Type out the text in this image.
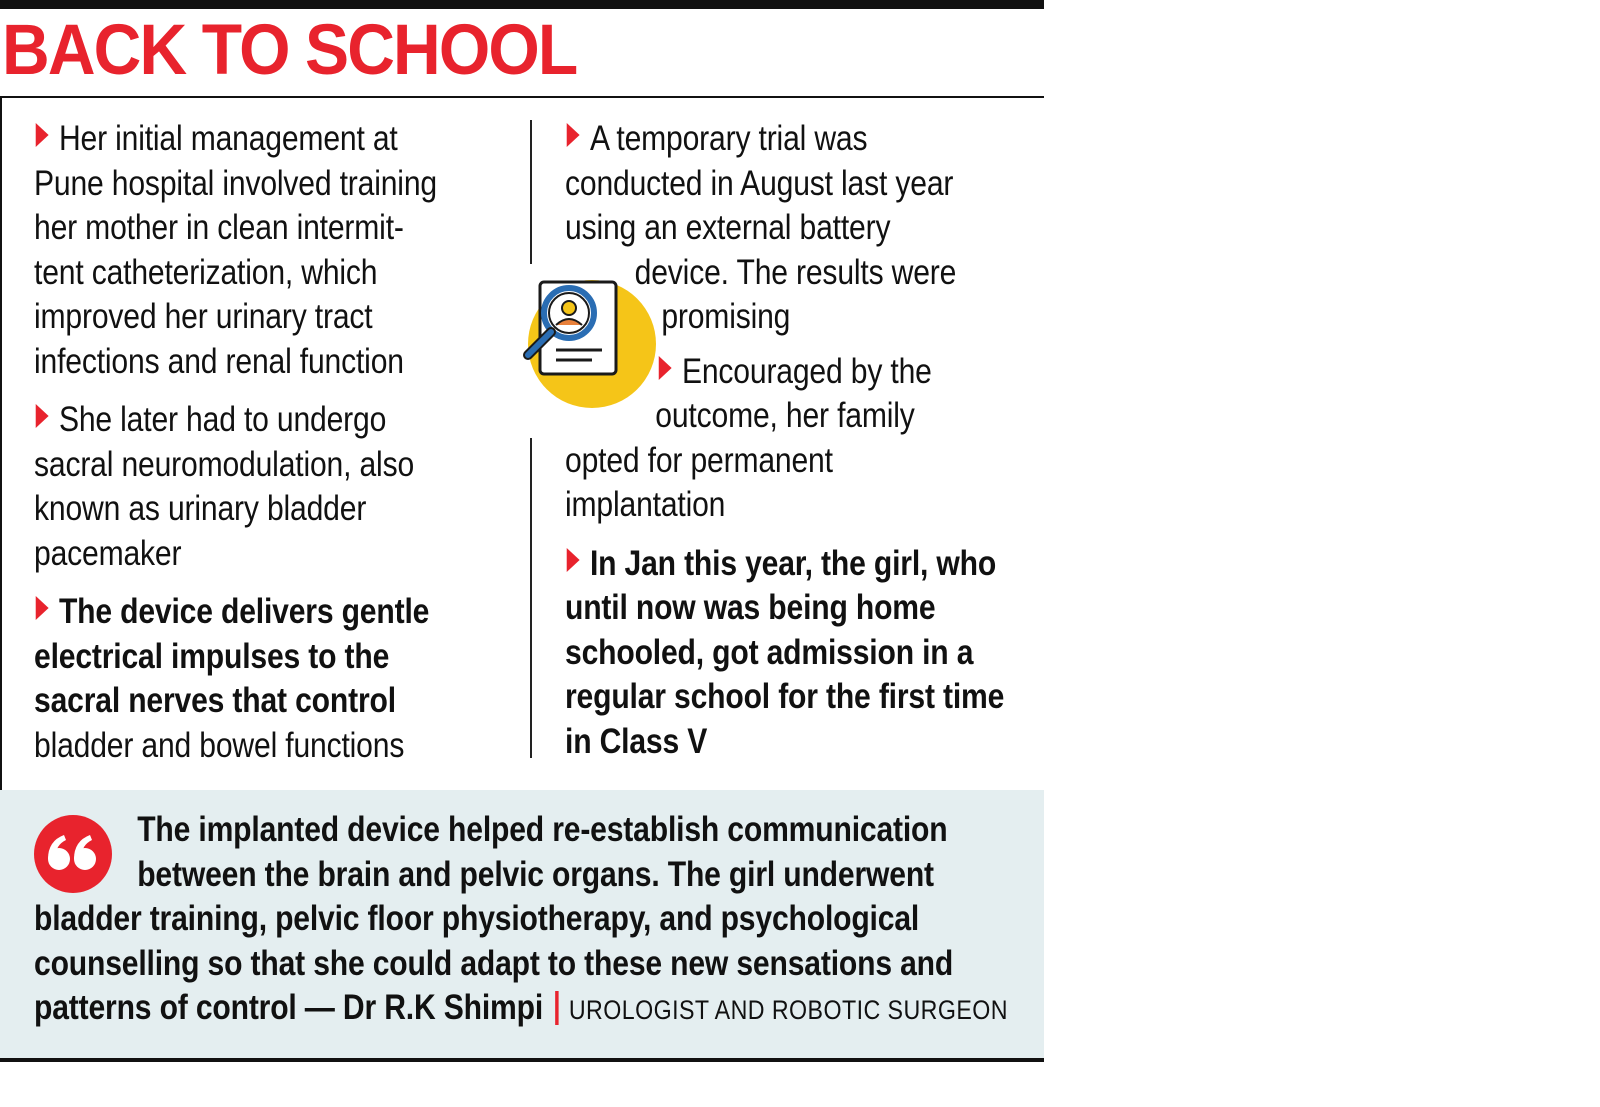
BACK TO SCHOOL
Her initial management at
Pune hospital involved training
her mother in clean intermit-
tent catheterization, which
improved her urinary tract
infections and renal function
She later had to undergo
sacral neuromodulation, also
known as urinary bladder
pacemaker
The device delivers gentle
electrical impulses to the
sacral nerves that control
bladder and bowel functions
A temporary trial was
conducted in August last year
using an external battery
device. The results were
promising
Encouraged by the
outcome, her family
opted for permanent
implantation
In Jan this year, the girl, who
until now was being home
schooled, got admission in a
regular school for the first time
in Class V
The implanted device helped re-establish communication
between the brain and pelvic organs. The girl underwent
bladder training, pelvic floor physiotherapy, and psychological
counselling so that she could adapt to these new sensations and
patterns of control — Dr R.K Shimpi UROLOGIST AND ROBOTIC SURGEON
